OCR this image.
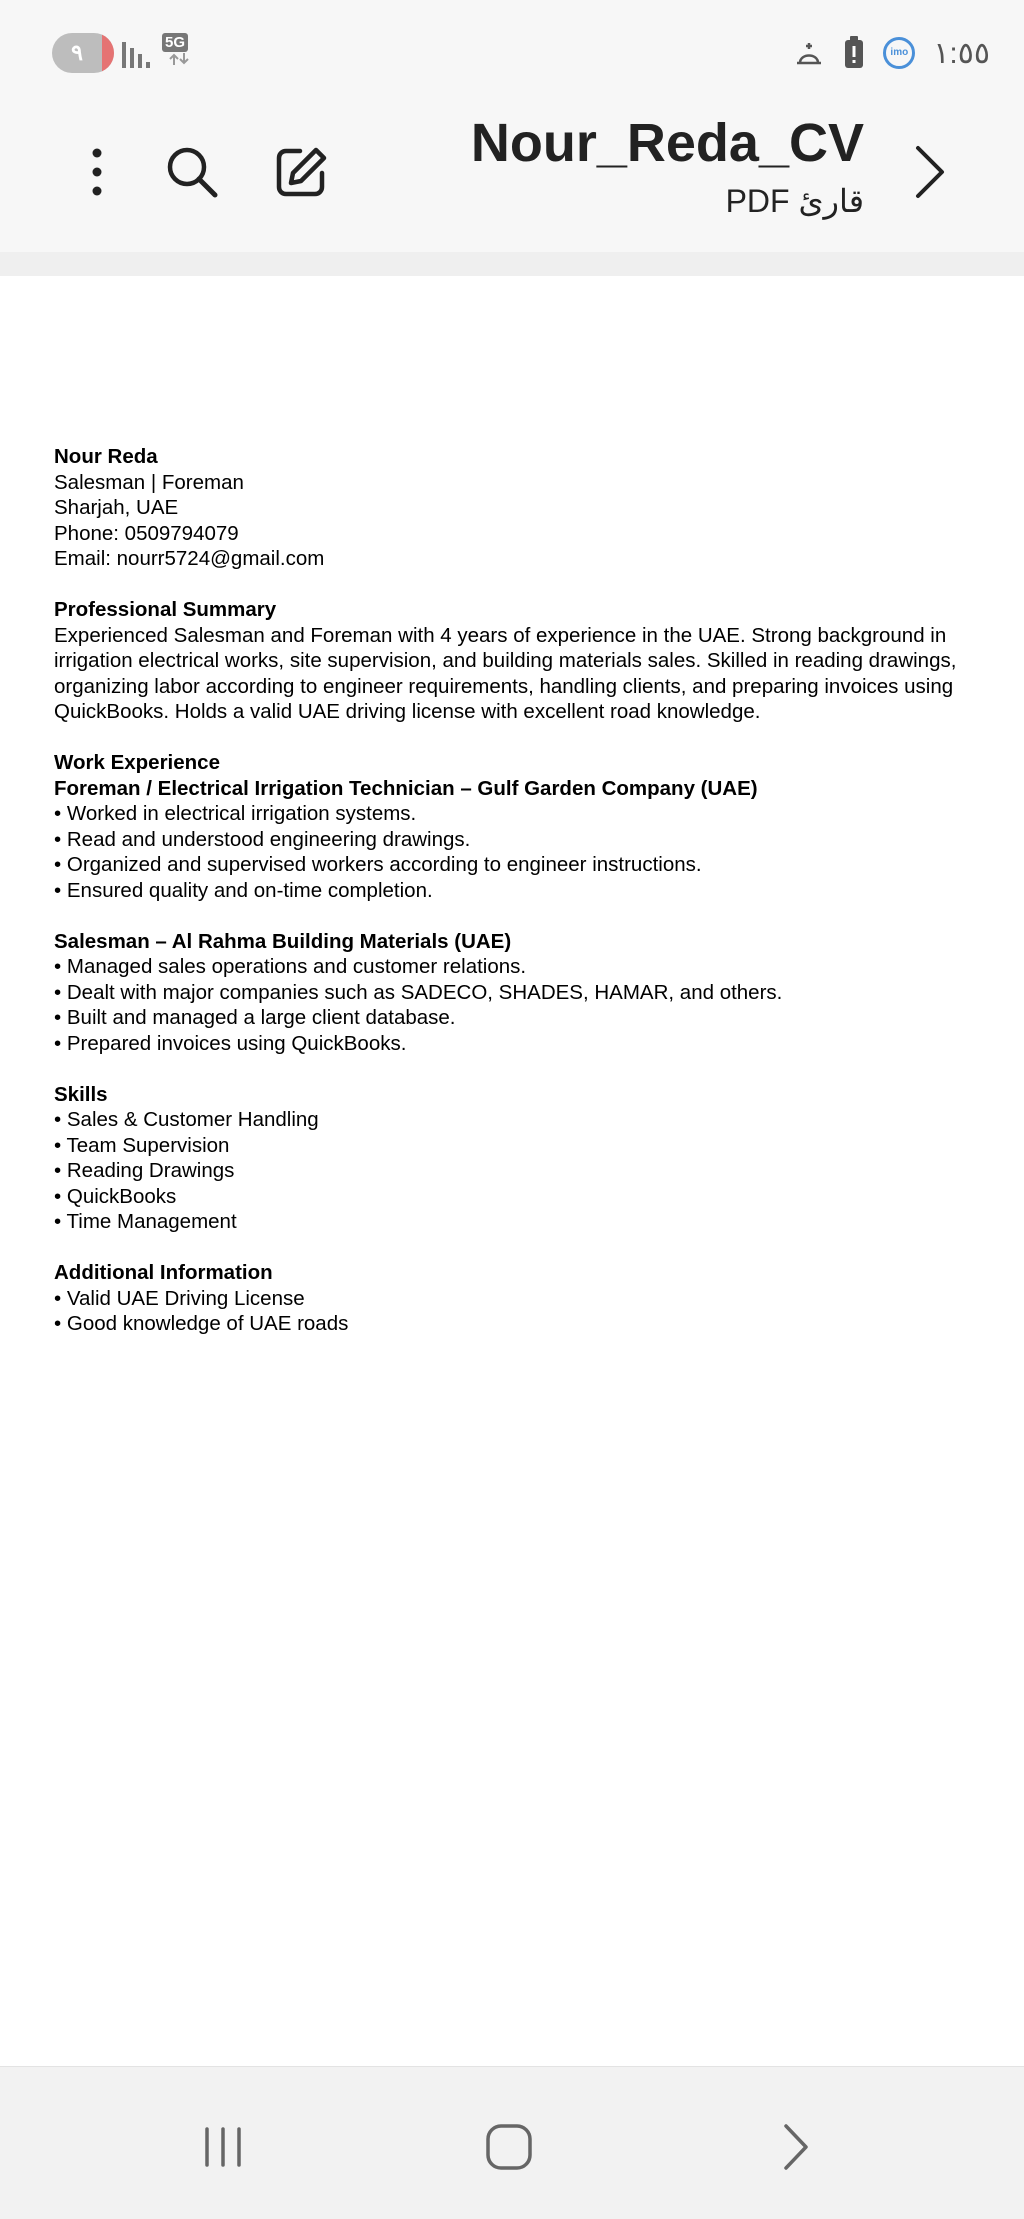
٩	5G
imo ١:٥٥
Nour_Reda_CV
قارئ PDF

Nour Reda

Salesman | Foreman

Sharjah, UAE

Phone: 0509794079

Email: nourr5724@gmail.com

Professional Summary

Experienced Salesman and Foreman with 4 years of experience in the UAE. Strong background in

irrigation electrical works, site supervision, and building materials sales. Skilled in reading drawings,

organizing labor according to engineer requirements, handling clients, and preparing invoices using

QuickBooks. Holds a valid UAE driving license with excellent road knowledge.

Work Experience

Foreman / Electrical Irrigation Technician – Gulf Garden Company (UAE)

• Worked in electrical irrigation systems.

• Read and understood engineering drawings.

• Organized and supervised workers according to engineer instructions.

• Ensured quality and on-time completion.

Salesman – Al Rahma Building Materials (UAE)

• Managed sales operations and customer relations.

• Dealt with major companies such as SADECO, SHADES, HAMAR, and others.

• Built and managed a large client database.

• Prepared invoices using QuickBooks.

Skills

• Sales & Customer Handling

• Team Supervision

• Reading Drawings

• QuickBooks

• Time Management

Additional Information

• Valid UAE Driving License

• Good knowledge of UAE roads
